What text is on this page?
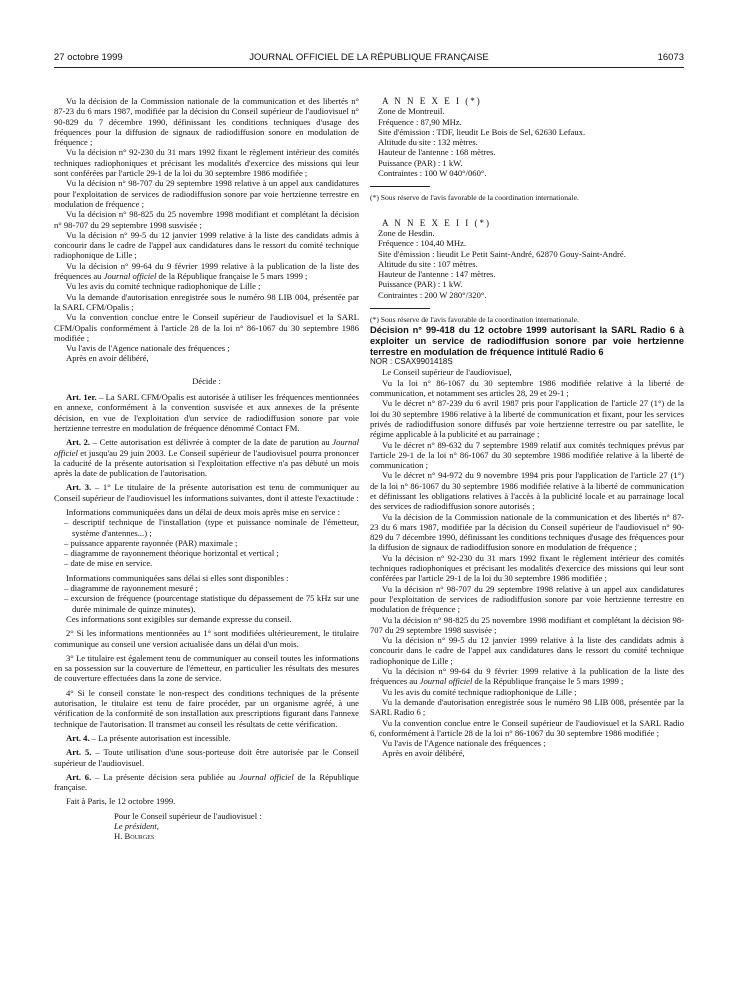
27 octobre 1999	JOURNAL OFFICIEL DE LA RÉPUBLIQUE FRANÇAISE	16073

Vu la décision de la Commission nationale de la communication et des libertés n° 87-23 du 6 mars 1987, modifiée par la décision du Conseil supérieur de l'audiovisuel n° 90-829 du 7 décembre 1990, définissant les conditions techniques d'usage des fréquences pour la diffusion de signaux de radiodiffusion sonore en modulation de fréquence ;

Vu la décision n° 92-230 du 31 mars 1992 fixant le règlement intérieur des comités techniques radiophoniques et précisant les modalités d'exercice des missions qui leur sont conférées par l'article 29-1 de la loi du 30 septembre 1986 modifiée ;

Vu la décision n° 98-707 du 29 septembre 1998 relative à un appel aux candidatures pour l'exploitation de services de radiodiffusion sonore par voie hertzienne terrestre en modulation de fréquence ;

Vu la décision n° 98-825 du 25 novembre 1998 modifiant et complétant la décision n° 98-707 du 29 septembre 1998 susvisée ;

Vu la décision n° 99-5 du 12 janvier 1999 relative à la liste des candidats admis à concourir dans le cadre de l'appel aux candidatures dans le ressort du comité technique radiophonique de Lille ;

Vu la décision n° 99-64 du 9 février 1999 relative à la publication de la liste des fréquences au Journal officiel de la République française le 5 mars 1999 ;

Vu les avis du comité technique radiophonique de Lille ;

Vu la demande d'autorisation enregistrée sous le numéro 98 LIB 004, présentée par la SARL CFM/Opalis ;

Vu la convention conclue entre le Conseil supérieur de l'audiovisuel et la SARL CFM/Opalis conformément à l'article 28 de la loi n° 86-1067 du 30 septembre 1986 modifiée ;

Vu l'avis de l'Agence nationale des fréquences ;

Après en avoir délibéré,

Décide :

Art. 1er. – La SARL CFM/Opalis est autorisée à utiliser les fréquences mentionnées en annexe, conformément à la convention susvisée et aux annexes de la présente décision, en vue de l'exploitation d'un service de radiodiffusion sonore par voie hertzienne terrestre en modulation de fréquence dénommé Contact FM.

Art. 2. – Cette autorisation est délivrée à compter de la date de parution au Journal officiel et jusqu'au 29 juin 2003. Le Conseil supérieur de l'audiovisuel pourra prononcer la caducité de la présente autorisation si l'exploitation effective n'a pas débuté un mois après la date de publication de l'autorisation.

Art. 3. – 1° Le titulaire de la présente autorisation est tenu de communiquer au Conseil supérieur de l'audiovisuel les informations suivantes, dont il atteste l'exactitude :

Informations communiquées dans un délai de deux mois après mise en service :

– descriptif technique de l'installation (type et puissance nominale de l'émetteur, système d'antennes...) ;
– puissance apparente rayonnée (PAR) maximale ;
– diagramme de rayonnement théorique horizontal et vertical ;
– date de mise en service.

Informations communiquées sans délai si elles sont disponibles :

– diagramme de rayonnement mesuré ;
– excursion de fréquence (pourcentage statistique du dépassement de 75 kHz sur une durée minimale de quinze minutes).

Ces informations sont exigibles sur demande expresse du conseil.

2° Si les informations mentionnées au 1° sont modifiées ultérieurement, le titulaire communique au conseil une version actualisée dans un délai d'un mois.

3° Le titulaire est également tenu de communiquer au conseil toutes les informations en sa possession sur la couverture de l'émetteur, en particulier les résultats des mesures de couverture effectuées dans la zone de service.

4° Si le conseil constate le non-respect des conditions techniques de la présente autorisation, le titulaire est tenu de faire procéder, par un organisme agréé, à une vérification de la conformité de son installation aux prescriptions figurant dans l'annexe technique de l'autorisation. Il transmet au conseil les résultats de cette vérification.

Art. 4. – La présente autorisation est incessible.

Art. 5. – Toute utilisation d'une sous-porteuse doit être autorisée par le Conseil supérieur de l'audiovisuel.

Art. 6. – La présente décision sera publiée au Journal officiel de la République française.

Fait à Paris, le 12 octobre 1999.

Pour le Conseil supérieur de l'audiovisuel :

Le président,

H. Bourges

A N N E X E I (*)

Zone de Montreuil.

Fréquence : 87,90 MHz.

Site d'émission : TDF, lieudit Le Bois de Sel, 62630 Lefaux.

Altitude du site : 132 mètres.

Hauteur de l'antenne : 168 mètres.

Puissance (PAR) : 1 kW.

Contraintes : 100 W 040°/060°.

(*) Sous réserve de l'avis favorable de la coordination internationale.

A N N E X E I I (*)

Zone de Hesdin.

Fréquence : 104,40 MHz.

Site d'émission : lieudit Le Petit Saint-André, 62870 Gouy-Saint-André.

Altitude du site : 107 mètres.

Hauteur de l'antenne : 147 mètres.

Puissance (PAR) : 1 kW.

Contraintes : 200 W 280°/320°.

(*) Sous réserve de l'avis favorable de la coordination internationale.

Décision n° 99-418 du 12 octobre 1999 autorisant la SARL Radio 6 à exploiter un service de radiodiffusion sonore par voie hertzienne terrestre en modulation de fréquence intitulé Radio 6

NOR : CSAX9901418S

Le Conseil supérieur de l'audiovisuel,

Vu la loi n° 86-1067 du 30 septembre 1986 modifiée relative à la liberté de communication, et notamment ses articles 28, 29 et 29-1 ;

Vu le décret n° 87-239 du 6 avril 1987 pris pour l'application de l'article 27 (1°) de la loi du 30 septembre 1986 relative à la liberté de communication et fixant, pour les services privés de radiodiffusion sonore diffusés par voie hertzienne terrestre ou par satellite, le régime applicable à la publicité et au parrainage ;

Vu le décret n° 89-632 du 7 septembre 1989 relatif aux comités techniques prévus par l'article 29-1 de la loi n° 86-1067 du 30 septembre 1986 modifiée relative à la liberté de communication ;

Vu le décret n° 94-972 du 9 novembre 1994 pris pour l'application de l'article 27 (1°) de la loi n° 86-1067 du 30 septembre 1986 modifiée relative à la liberté de communication et définissant les obligations relatives à l'accès à la publicité locale et au parrainage local des services de radiodiffusion sonore autorisés ;

Vu la décision de la Commission nationale de la communication et des libertés n° 87-23 du 6 mars 1987, modifiée par la décision du Conseil supérieur de l'audiovisuel n° 90-829 du 7 décembre 1990, définissant les conditions techniques d'usage des fréquences pour la diffusion de signaux de radiodiffusion sonore en modulation de fréquence ;

Vu la décision n° 92-230 du 31 mars 1992 fixant le règlement intérieur des comités techniques radiophoniques et précisant les modalités d'exercice des missions qui leur sont conférées par l'article 29-1 de la loi du 30 septembre 1986 modifiée ;

Vu la décision n° 98-707 du 29 septembre 1998 relative à un appel aux candidatures pour l'exploitation de services de radiodiffusion sonore par voie hertzienne terrestre en modulation de fréquence ;

Vu la décision n° 98-825 du 25 novembre 1998 modifiant et complétant la décision 98-707 du 29 septembre 1998 susvisée ;

Vu la décision n° 99-5 du 12 janvier 1999 relative à la liste des candidats admis à concourir dans le cadre de l'appel aux candidatures dans le ressort du comité technique radiophonique de Lille ;

Vu la décision n° 99-64 du 9 février 1999 relative à la publication de la liste des fréquences au Journal officiel de la République française le 5 mars 1999 ;

Vu les avis du comité technique radiophonique de Lille ;

Vu la demande d'autorisation enregistrée sous le numéro 98 LIB 008, présentée par la SARL Radio 6 ;

Vu la convention conclue entre le Conseil supérieur de l'audiovisuel et la SARL Radio 6, conformément à l'article 28 de la loi n° 86-1067 du 30 septembre 1986 modifiée ;

Vu l'avis de l'Agence nationale des fréquences ;

Après en avoir délibéré,
